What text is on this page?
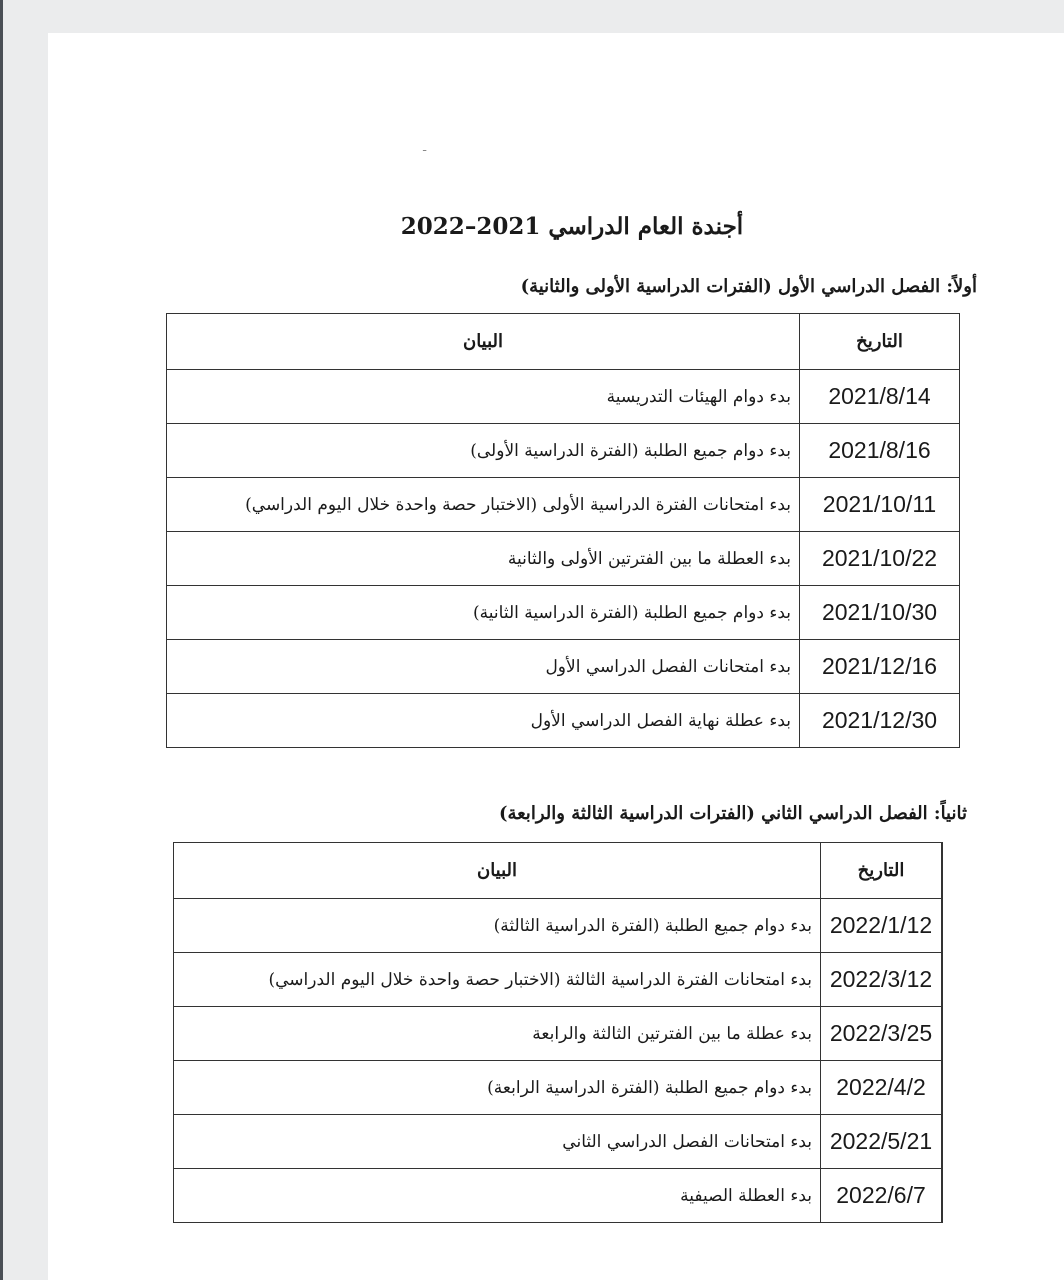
ـ
أجندة العام الدراسي 2021–2022
أولاً: الفصل الدراسي الأول (الفترات الدراسية الأولى والثانية)
التاريخ	البيان
2021/8/14	بدء دوام الهيئات التدريسية
2021/8/16	بدء دوام جميع الطلبة (الفترة الدراسية الأولى)
2021/10/11	بدء امتحانات الفترة الدراسية الأولى (الاختبار حصة واحدة خلال اليوم الدراسي)
2021/10/22	بدء العطلة ما بين الفترتين الأولى والثانية
2021/10/30	بدء دوام جميع الطلبة (الفترة الدراسية الثانية)
2021/12/16	بدء امتحانات الفصل الدراسي الأول
2021/12/30	بدء عطلة نهاية الفصل الدراسي الأول
ثانياً: الفصل الدراسي الثاني (الفترات الدراسية الثالثة والرابعة)
التاريخ	البيان
2022/1/12	بدء دوام جميع الطلبة (الفترة الدراسية الثالثة)
2022/3/12	بدء امتحانات الفترة الدراسية الثالثة (الاختبار حصة واحدة خلال اليوم الدراسي)
2022/3/25	بدء عطلة ما بين الفترتين الثالثة والرابعة
2022/4/2	بدء دوام جميع الطلبة (الفترة الدراسية الرابعة)
2022/5/21	بدء امتحانات الفصل الدراسي الثاني
2022/6/7	بدء العطلة الصيفية
